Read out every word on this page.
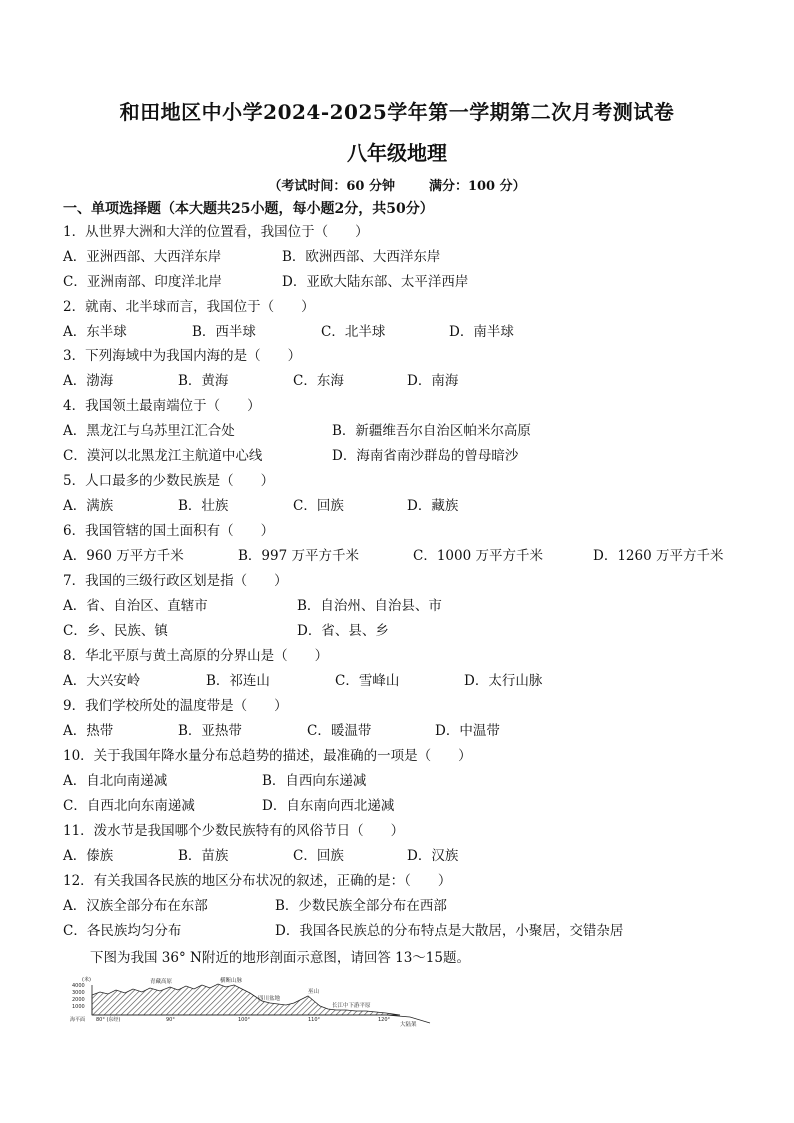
和田地区中小学2024-2025学年第一学期第二次月考测试卷
八年级地理
（考试时间：60 分钟	满分：100 分）
一、单项选择题（本大题共25小题，每小题2分，共50分）
1．从世界大洲和大洋的位置看，我国位于（　　）
A．亚洲西部、大西洋东岸	B．欧洲西部、大西洋东岸
C．亚洲南部、印度洋北岸	D．亚欧大陆东部、太平洋西岸
2．就南、北半球而言，我国位于（　　）
A．东半球	B．西半球	C．北半球	D．南半球
3．下列海域中为我国内海的是（　　）
A．渤海	B．黄海	C．东海	D．南海
4．我国领土最南端位于（　　）
A．黑龙江与乌苏里江汇合处	B．新疆维吾尔自治区帕米尔高原
C．漠河以北黑龙江主航道中心线	D．海南省南沙群岛的曾母暗沙
5．人口最多的少数民族是（　　）
A．满族	B．壮族	C．回族	D．藏族
6．我国管辖的国土面积有（　　）
A．960 万平方千米	B．997 万平方千米	C．1000 万平方千米	D．1260 万平方千米
7．我国的三级行政区划是指（　　）
A．省、自治区、直辖市	B．自治州、自治县、市
C．乡、民族、镇	D．省、县、乡
8．华北平原与黄土高原的分界山是（　　）
A．大兴安岭	B．祁连山	C．雪峰山	D．太行山脉
9．我们学校所处的温度带是（　　）
A．热带	B．亚热带	C．暖温带	D．中温带
10．关于我国年降水量分布总趋势的描述，最准确的一项是（　　）
A．自北向南递减	B．自西向东递减
C．自西北向东南递减	D．自东南向西北递减
11．泼水节是我国哪个少数民族特有的风俗节日（　　）
A．傣族	B．苗族	C．回族	D．汉族
12．有关我国各民族的地区分布状况的叙述，正确的是：（　　）
A．汉族全部分布在东部	B．少数民族全部分布在西部
C．各民族均匀分布	D．我国各民族总的分布特点是大散居，小聚居，交错杂居
下图为我国 36° N附近的地形剖面示意图，请回答 13～15题。
(米)
4000
3000
2000
1000
海平面
青藏高原	横断山脉
四川盆地
巫山
长江中下游平原
大陆架
80° (东经)	90°	100°	110°	120°
